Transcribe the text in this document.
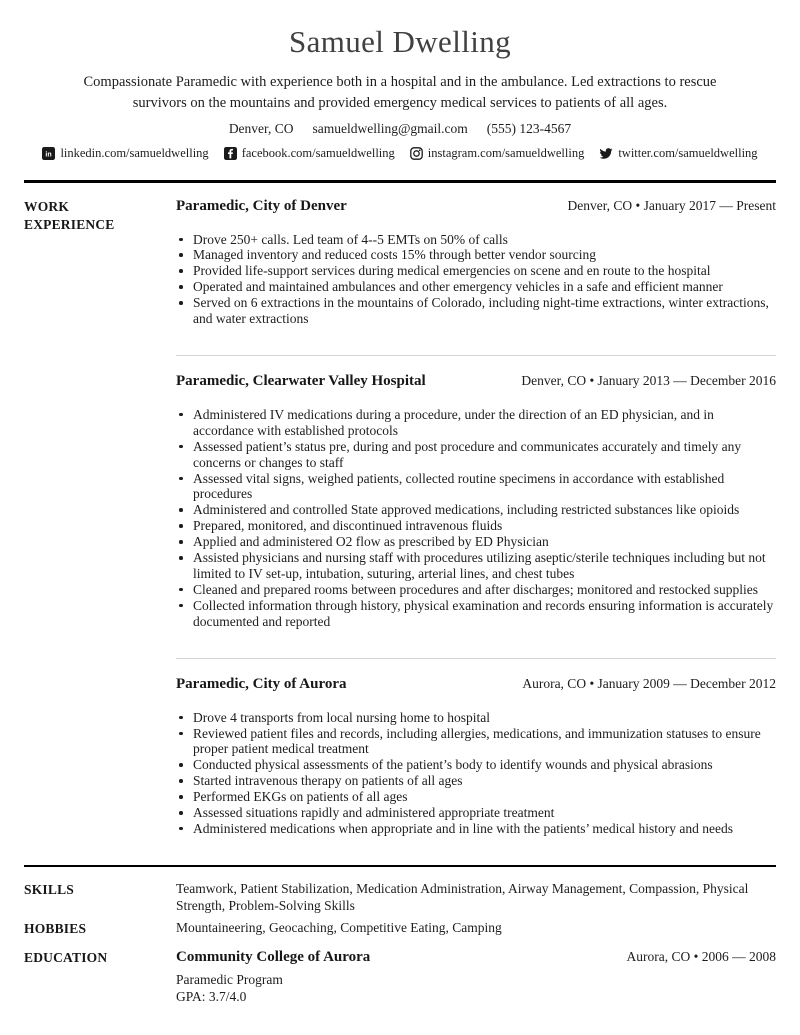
Samuel Dwelling

Compassionate Paramedic with experience both in a hospital and in the ambulance. Led extractions to rescue survivors on the mountains and provided emergency medical services to patients of all ages.

Denver, CO samueldwelling@gmail.com (555) 123-4567
in linkedin.com/samueldwelling	facebook.com/samueldwelling	instagram.com/samueldwelling	twitter.com/samueldwelling
WORK EXPERIENCE
Paramedic, City of Denver	Denver, CO • January 2017 — Present
Drove 250+ calls. Led team of 4--5 EMTs on 50% of calls
Managed inventory and reduced costs 15% through better vendor sourcing
Provided life-support services during medical emergencies on scene and en route to the hospital
Operated and maintained ambulances and other emergency vehicles in a safe and efficient manner
Served on 6 extractions in the mountains of Colorado, including night-time extractions, winter extractions, and water extractions
Paramedic, Clearwater Valley Hospital	Denver, CO • January 2013 — December 2016
Administered IV medications during a procedure, under the direction of an ED physician, and in accordance with established protocols
Assessed patient’s status pre, during and post procedure and communicates accurately and timely any concerns or changes to staff
Assessed vital signs, weighed patients, collected routine specimens in accordance with established procedures
Administered and controlled State approved medications, including restricted substances like opioids
Prepared, monitored, and discontinued intravenous fluids
Applied and administered O2 flow as prescribed by ED Physician
Assisted physicians and nursing staff with procedures utilizing aseptic/sterile techniques including but not limited to IV set-up, intubation, suturing, arterial lines, and chest tubes
Cleaned and prepared rooms between procedures and after discharges; monitored and restocked supplies
Collected information through history, physical examination and records ensuring information is accurately documented and reported
Paramedic, City of Aurora	Aurora, CO • January 2009 — December 2012
Drove 4 transports from local nursing home to hospital
Reviewed patient files and records, including allergies, medications, and immunization statuses to ensure proper patient medical treatment
Conducted physical assessments of the patient’s body to identify wounds and physical abrasions
Started intravenous therapy on patients of all ages
Performed EKGs on patients of all ages
Assessed situations rapidly and administered appropriate treatment
Administered medications when appropriate and in line with the patients’ medical history and needs
SKILLS	Teamwork, Patient Stabilization, Medication Administration, Airway Management, Compassion, Physical Strength, Problem-Solving Skills
HOBBIES	Mountaineering, Geocaching, Competitive Eating, Camping
EDUCATION	Community College of Aurora	Aurora, CO • 2006 — 2008
Paramedic Program
GPA: 3.7/4.0
